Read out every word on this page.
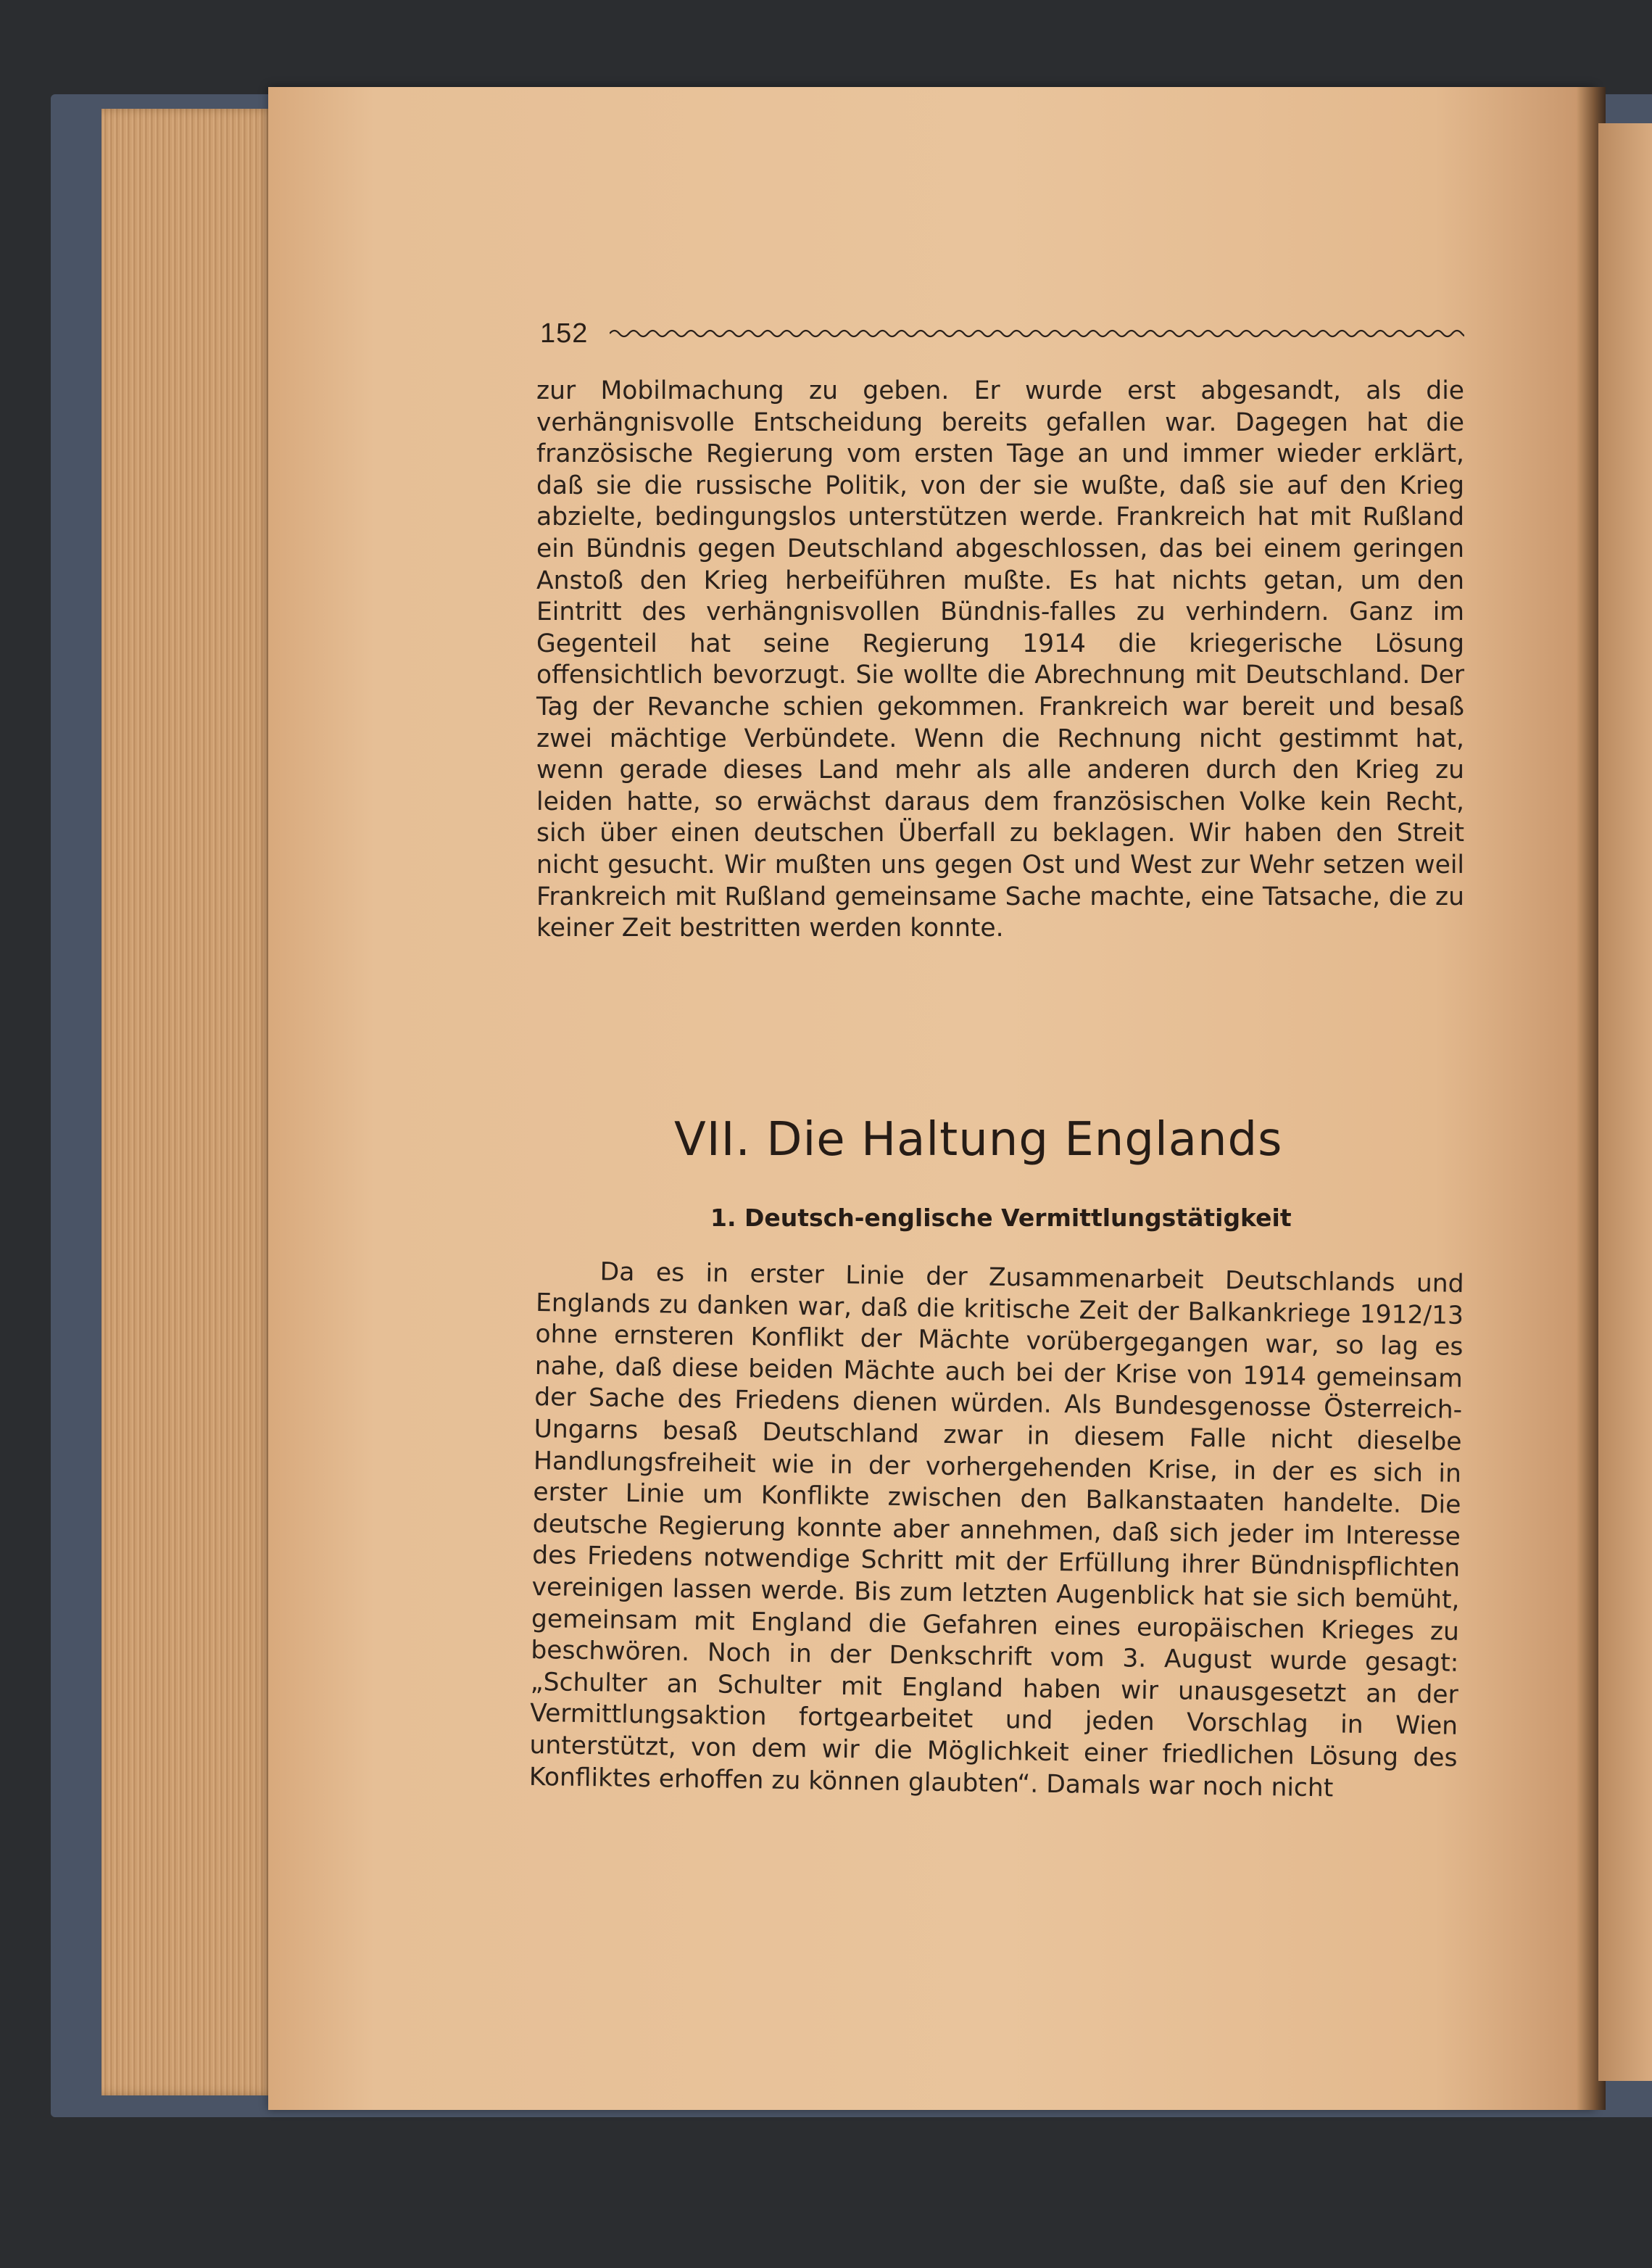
152

zur Mobilmachung zu geben. Er wurde erst abgesandt, als die verhängnisvolle Entscheidung bereits gefallen war. Dagegen hat die französische Regierung vom ersten Tage an und immer wieder erklärt, daß sie die russische Politik, von der sie wußte, daß sie auf den Krieg abzielte, bedingungslos unterstützen werde. Frankreich hat mit Rußland ein Bündnis gegen Deutschland abgeschlossen, das bei einem geringen Anstoß den Krieg herbeiführen mußte. Es hat nichts getan, um den Eintritt des verhängnisvollen Bündnis-falles zu verhindern. Ganz im Gegenteil hat seine Regierung 1914 die kriegerische Lösung offensichtlich bevorzugt. Sie wollte die Abrechnung mit Deutschland. Der Tag der Revanche schien gekommen. Frankreich war bereit und besaß zwei mächtige Verbündete. Wenn die Rechnung nicht gestimmt hat, wenn gerade dieses Land mehr als alle anderen durch den Krieg zu leiden hatte, so erwächst daraus dem französischen Volke kein Recht, sich über einen deutschen Überfall zu beklagen. Wir haben den Streit nicht gesucht. Wir mußten uns gegen Ost und West zur Wehr setzen weil Frankreich mit Rußland gemeinsame Sache machte, eine Tatsache, die zu keiner Zeit bestritten werden konnte.

VII. Die Haltung Englands
1. Deutsch-englische Vermittlungstätigkeit

Da es in erster Linie der Zusammenarbeit Deutschlands und Englands zu danken war, daß die kritische Zeit der Balkankriege 1912/13 ohne ernsteren Konflikt der Mächte vorübergegangen war, so lag es nahe, daß diese beiden Mächte auch bei der Krise von 1914 gemeinsam der Sache des Friedens dienen würden. Als Bundesgenosse Österreich-Ungarns besaß Deutschland zwar in diesem Falle nicht dieselbe Handlungsfreiheit wie in der vorhergehenden Krise, in der es sich in erster Linie um Konflikte zwischen den Balkanstaaten handelte. Die deutsche Regierung konnte aber annehmen, daß sich jeder im Interesse des Friedens notwendige Schritt mit der Erfüllung ihrer Bündnispflichten vereinigen lassen werde. Bis zum letzten Augenblick hat sie sich bemüht, gemeinsam mit England die Gefahren eines europäischen Krieges zu beschwören. Noch in der Denkschrift vom 3. August wurde gesagt: „Schulter an Schulter mit England haben wir unausgesetzt an der Vermittlungsaktion fortgearbeitet und jeden Vorschlag in Wien unterstützt, von dem wir die Möglichkeit einer friedlichen Lösung des Konfliktes erhoffen zu können glaubten“. Damals war noch nicht
